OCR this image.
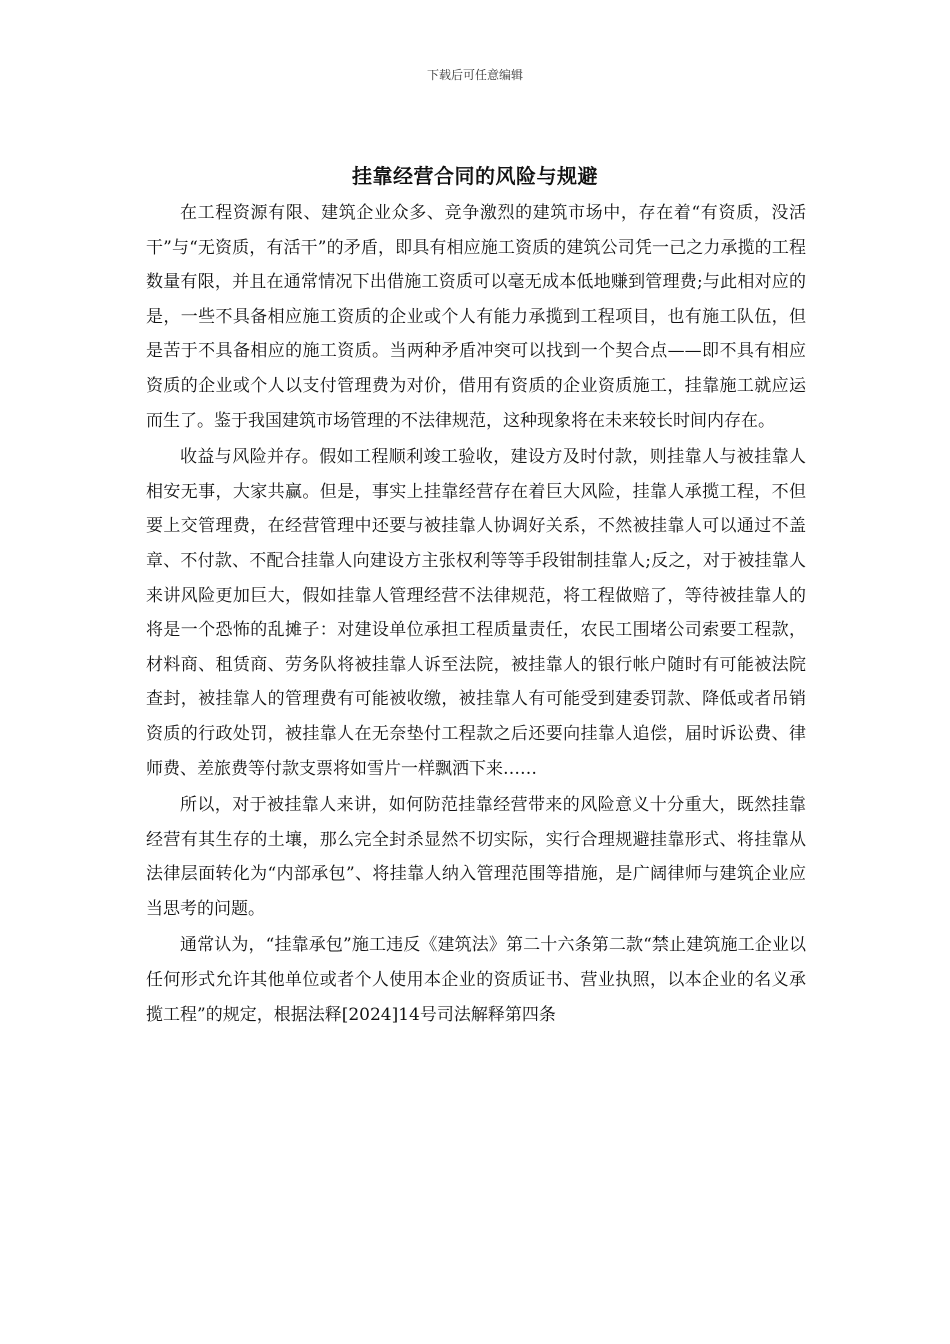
下载后可任意编辑
挂靠经营合同的风险与规避

在工程资源有限、建筑企业众多、竞争激烈的建筑市场中，存在着“有资质，没活干”与“无资质，有活干”的矛盾，即具有相应施工资质的建筑公司凭一己之力承揽的工程数量有限，并且在通常情况下出借施工资质可以毫无成本低地赚到管理费;与此相对应的是，一些不具备相应施工资质的企业或个人有能力承揽到工程项目，也有施工队伍，但是苦于不具备相应的施工资质。当两种矛盾冲突可以找到一个契合点——即不具有相应资质的企业或个人以支付管理费为对价，借用有资质的企业资质施工，挂靠施工就应运而生了。鉴于我国建筑市场管理的不法律规范，这种现象将在未来较长时间内存在。

收益与风险并存。假如工程顺利竣工验收，建设方及时付款，则挂靠人与被挂靠人相安无事，大家共赢。但是，事实上挂靠经营存在着巨大风险，挂靠人承揽工程，不但要上交管理费，在经营管理中还要与被挂靠人协调好关系，不然被挂靠人可以通过不盖章、不付款、不配合挂靠人向建设方主张权利等等手段钳制挂靠人;反之，对于被挂靠人来讲风险更加巨大，假如挂靠人管理经营不法律规范，将工程做赔了，等待被挂靠人的将是一个恐怖的乱摊子：对建设单位承担工程质量责任，农民工围堵公司索要工程款，材料商、租赁商、劳务队将被挂靠人诉至法院，被挂靠人的银行帐户随时有可能被法院查封，被挂靠人的管理费有可能被收缴，被挂靠人有可能受到建委罚款、降低或者吊销资质的行政处罚，被挂靠人在无奈垫付工程款之后还要向挂靠人追偿，届时诉讼费、律师费、差旅费等付款支票将如雪片一样飘洒下来……

所以，对于被挂靠人来讲，如何防范挂靠经营带来的风险意义十分重大，既然挂靠经营有其生存的土壤，那么完全封杀显然不切实际，实行合理规避挂靠形式、将挂靠从法律层面转化为“内部承包”、将挂靠人纳入管理范围等措施，是广阔律师与建筑企业应当思考的问题。

通常认为，“挂靠承包”施工违反《建筑法》第二十六条第二款“禁止建筑施工企业以任何形式允许其他单位或者个人使用本企业的资质证书、营业执照，以本企业的名义承揽工程”的规定，根据法释[2024]14号司法解释第四条
